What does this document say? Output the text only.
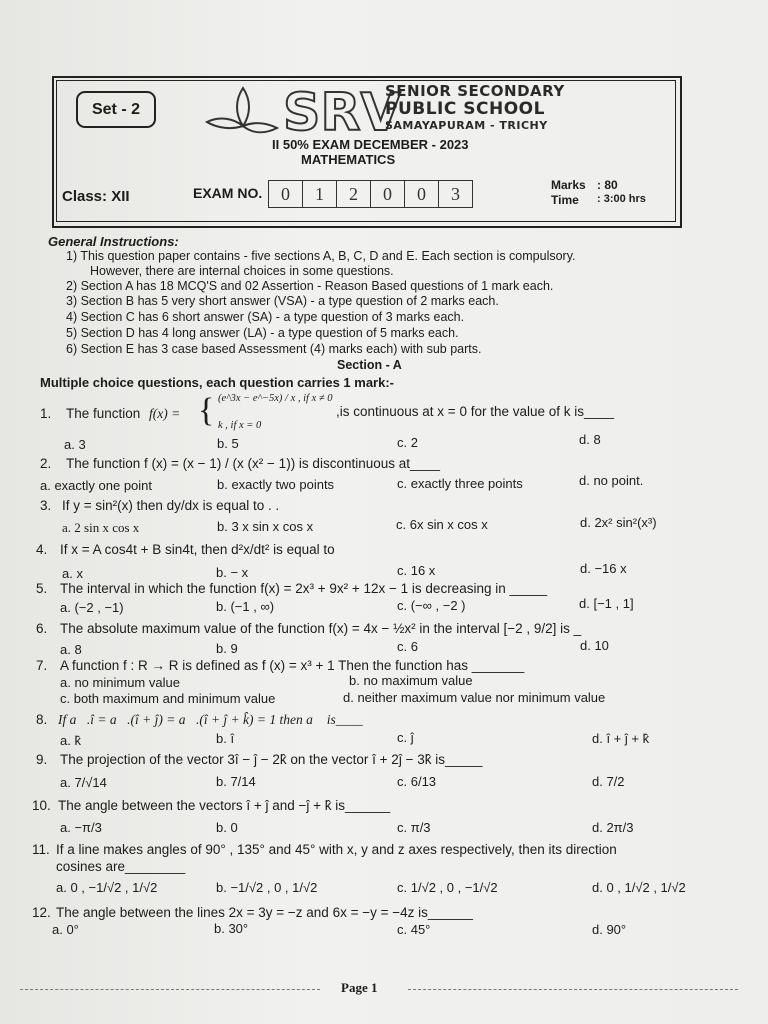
Set - 2	SRV
SENIOR SECONDARY
PUBLIC SCHOOL
SAMAYAPURAM - TRICHY
II 50% EXAM DECEMBER - 2023
MATHEMATICS
Class: XII	EXAM NO.	0	1	2	0	0	3	Marks : 80
Time : 3:00 hrs
General Instructions:
1) This question paper contains - five sections A, B, C, D and E. Each section is compulsory.
However, there are internal choices in some questions.
2) Section A has 18 MCQ'S and 02 Assertion - Reason Based questions of 1 mark each.
3) Section B has 5 very short answer (VSA) - a type question of 2 marks each.
4) Section C has 6 short answer (SA) - a type question of 3 marks each.
5) Section D has 4 long answer (LA) - a type question of 5 marks each.
6) Section E has 3 case based Assessment (4) marks each) with sub parts.
Section - A
Multiple choice questions, each question carries 1 mark:-
1. The function f(x) = { (e^3x − e^−5x) / x , if x ≠ 0
k , if x = 0
,is continuous at x = 0 for the value of k is____
a. 3	b. 5	c. 2	d. 8
2. The function f (x) = (x − 1) / (x (x² − 1)) is discontinuous at____
a. exactly one point	b. exactly two points	c. exactly three points	d. no point.
3. If y = sin²(x) then dy/dx is equal to . .
a. 2 sin x cos x	b. 3 x sin x cos x	c. 6x sin x cos x	d. 2x² sin²(x³)
4. If x = A cos4t + B sin4t, then d²x/dt² is equal to
a. x	b. − x	c. 16 x	d. −16 x
5. The interval in which the function f(x) = 2x³ + 9x² + 12x − 1 is decreasing in _____
a. (−2 , −1)	b. (−1 , ∞)	c. (−∞ , −2 )	d. [−1 , 1]
6. The absolute maximum value of the function f(x) = 4x − ½x² in the interval [−2 , 9/2] is _
a. 8	b. 9	c. 6	d. 10
7. A function f : R → R is defined as f (x) = x³ + 1 Then the function has _______
a. no minimum value	b. no maximum value
c. both maximum and minimum value	d. neither maximum value nor minimum value
8. If a⃗.î = a⃗.(î + ĵ) = a⃗.(î + ĵ + k̂) = 1 then a⃗ is____
a. k̂	b. î	c. ĵ	d. î + ĵ + k̂
9. The projection of the vector 3î − ĵ − 2k̂ on the vector î + 2ĵ − 3k̂ is_____
a. 7/√14	b. 7/14	c. 6/13	d. 7/2
10. The angle between the vectors î + ĵ and −ĵ + k̂ is______
a. −π/3	b. 0	c. π/3	d. 2π/3
11. If a line makes angles of 90° , 135° and 45° with x, y and z axes respectively, then its direction
cosines are________
a. 0 , −1/√2 , 1/√2	b. −1/√2 , 0 , 1/√2	c. 1/√2 , 0 , −1/√2	d. 0 , 1/√2 , 1/√2
12. The angle between the lines 2x = 3y = −z and 6x = −y = −4z is______
a. 0°	b. 30°	c. 45°	d. 90°
Page 1
